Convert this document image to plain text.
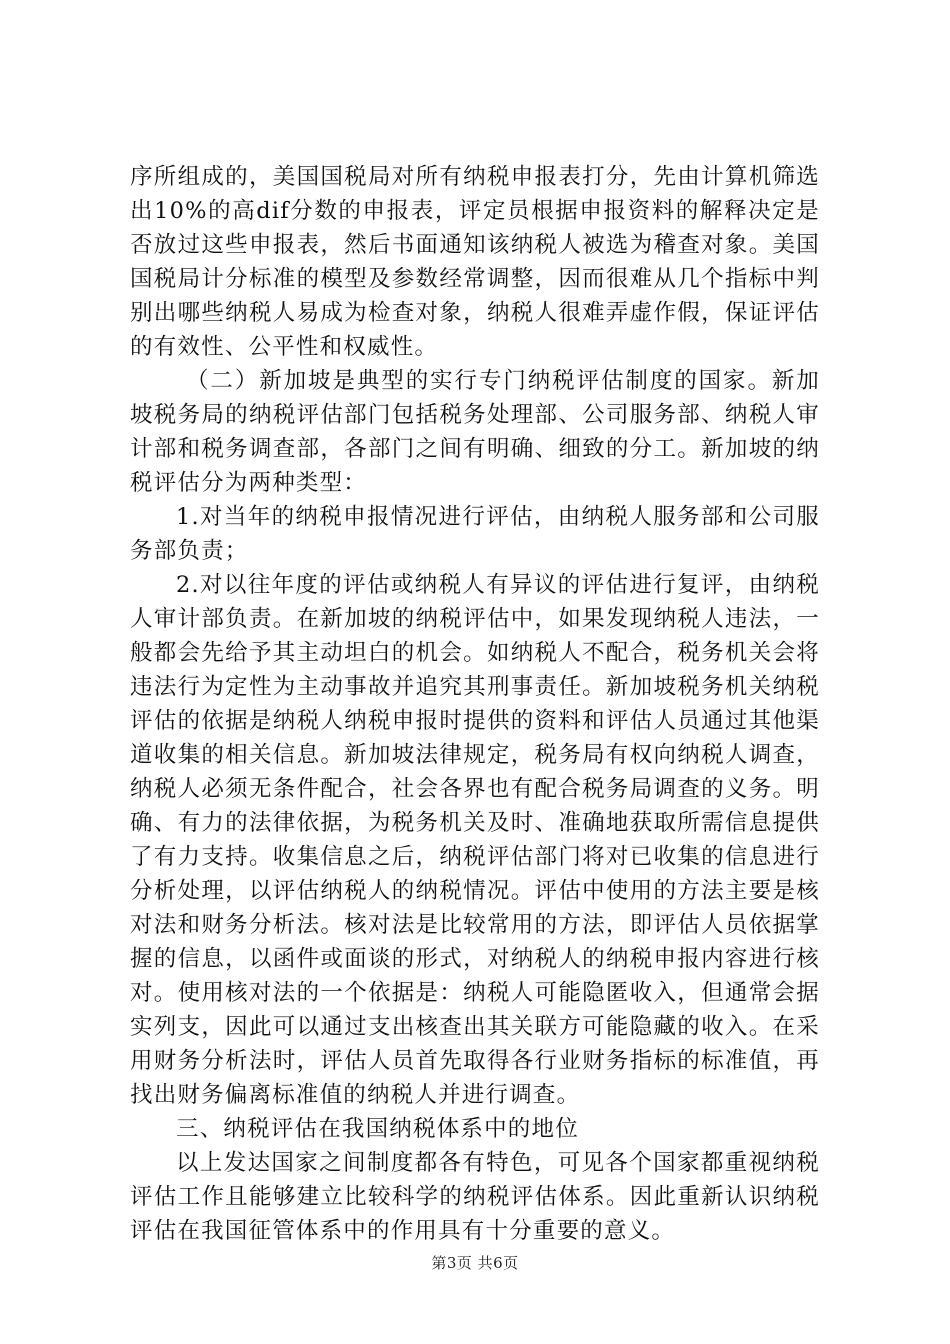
序所组成的，美国国税局对所有纳税申报表打分，先由计算机筛选出10%的高dif分数的申报表，评定员根据申报资料的解释决定是否放过这些申报表，然后书面通知该纳税人被选为稽查对象。美国国税局计分标准的模型及参数经常调整，因而很难从几个指标中判别出哪些纳税人易成为检查对象，纳税人很难弄虚作假，保证评估的有效性、公平性和权威性。

（二）新加坡是典型的实行专门纳税评估制度的国家。新加坡税务局的纳税评估部门包括税务处理部、公司服务部、纳税人审计部和税务调查部，各部门之间有明确、细致的分工。新加坡的纳税评估分为两种类型：

1.对当年的纳税申报情况进行评估，由纳税人服务部和公司服务部负责；

2.对以往年度的评估或纳税人有异议的评估进行复评，由纳税人审计部负责。在新加坡的纳税评估中，如果发现纳税人违法，一般都会先给予其主动坦白的机会。如纳税人不配合，税务机关会将违法行为定性为主动事故并追究其刑事责任。新加坡税务机关纳税评估的依据是纳税人纳税申报时提供的资料和评估人员通过其他渠道收集的相关信息。新加坡法律规定，税务局有权向纳税人调查，纳税人必须无条件配合，社会各界也有配合税务局调查的义务。明确、有力的法律依据，为税务机关及时、准确地获取所需信息提供了有力支持。收集信息之后，纳税评估部门将对已收集的信息进行分析处理，以评估纳税人的纳税情况。评估中使用的方法主要是核对法和财务分析法。核对法是比较常用的方法，即评估人员依据掌握的信息，以函件或面谈的形式，对纳税人的纳税申报内容进行核对。使用核对法的一个依据是：纳税人可能隐匿收入，但通常会据实列支，因此可以通过支出核查出其关联方可能隐藏的收入。在采用财务分析法时，评估人员首先取得各行业财务指标的标准值，再找出财务偏离标准值的纳税人并进行调查。

三、纳税评估在我国纳税体系中的地位

以上发达国家之间制度都各有特色，可见各个国家都重视纳税评估工作且能够建立比较科学的纳税评估体系。因此重新认识纳税评估在我国征管体系中的作用具有十分重要的意义。

第3页 共6页
